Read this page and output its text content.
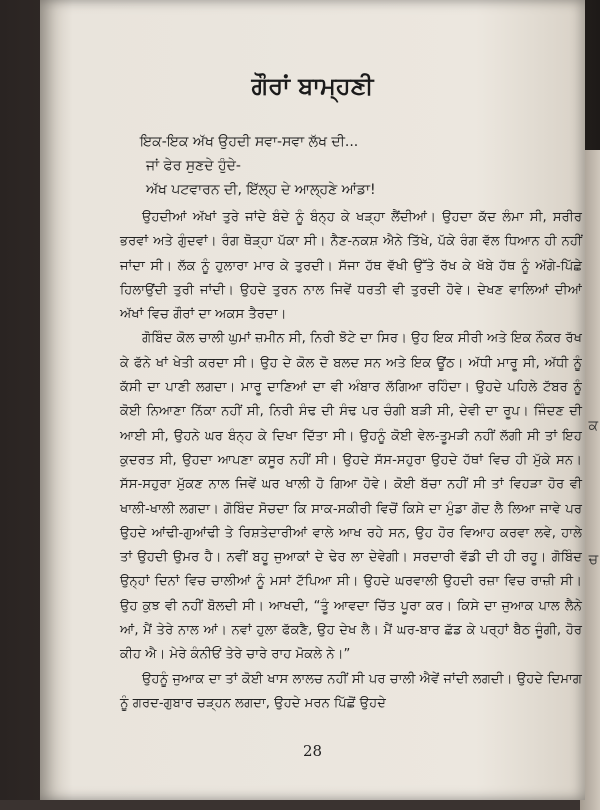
ਕ
ਚ
ਗੌਰਾਂ ਬਾਮ੍ਹਣੀ
ਇਕ-ਇਕ ਅੱਖ ਉਹਦੀ ਸਵਾ-ਸਵਾ ਲੱਖ ਦੀ...
ਜਾਂ ਫੇਰ ਸੁਣਦੇ ਹੁੰਦੇ-
ਅੱਖ ਪਟਵਾਰਨ ਦੀ, ਇੱਲ੍ਹ ਦੇ ਆਲ੍ਹਣੇ ਆਂਡਾ!

ਉਹਦੀਆਂ ਅੱਖਾਂ ਤੁਰੇ ਜਾਂਦੇ ਬੰਦੇ ਨੂੰ ਬੰਨ੍ਹ ਕੇ ਖੜ੍ਹਾ ਲੈਂਦੀਆਂ। ਉਹਦਾ ਕੱਦ ਲੰਮਾ ਸੀ, ਸਰੀਰ ਭਰਵਾਂ ਅਤੇ ਗੁੰਦਵਾਂ। ਰੰਗ ਥੋੜ੍ਹਾ ਪੱਕਾ ਸੀ। ਨੈਣ-ਨਕਸ਼ ਐਨੇ ਤਿੱਖੇ, ਪੱਕੇ ਰੰਗ ਵੱਲ ਧਿਆਨ ਹੀ ਨਹੀਂ ਜਾਂਦਾ ਸੀ। ਲੱਕ ਨੂੰ ਹੁਲਾਰਾ ਮਾਰ ਕੇ ਤੁਰਦੀ। ਸੱਜਾ ਹੱਥ ਵੱਖੀ ਉੱਤੇ ਰੱਖ ਕੇ ਖੱਬੇ ਹੱਥ ਨੂੰ ਅੱਗੇ-ਪਿੱਛੇ ਹਿਲਾਉਂਦੀ ਤੁਰੀ ਜਾਂਦੀ। ਉਹਦੇ ਤੁਰਨ ਨਾਲ ਜਿਵੇਂ ਧਰਤੀ ਵੀ ਤੁਰਦੀ ਹੋਵੇ। ਦੇਖਣ ਵਾਲਿਆਂ ਦੀਆਂ ਅੱਖਾਂ ਵਿਚ ਗੌਰਾਂ ਦਾ ਅਕਸ ਤੈਰਦਾ।

ਗੋਬਿੰਦ ਕੋਲ ਚਾਲੀ ਘੁਮਾਂ ਜ਼ਮੀਨ ਸੀ, ਨਿਰੀ ਝੋਟੇ ਦਾ ਸਿਰ। ਉਹ ਇਕ ਸੀਰੀ ਅਤੇ ਇਕ ਨੌਕਰ ਰੱਖ ਕੇ ਫੱਨੇ ਖਾਂ ਖੇਤੀ ਕਰਦਾ ਸੀ। ਉਹ ਦੇ ਕੋਲ ਦੋ ਬਲਦ ਸਨ ਅਤੇ ਇਕ ਊਂਠ। ਅੱਧੀ ਮਾਰੂ ਸੀ, ਅੱਧੀ ਨੂੰ ਕੱਸੀ ਦਾ ਪਾਣੀ ਲਗਦਾ। ਮਾਰੂ ਦਾਣਿਆਂ ਦਾ ਵੀ ਅੰਬਾਰ ਲੱਗਿਆ ਰਹਿੰਦਾ। ਉਹਦੇ ਪਹਿਲੇ ਟੱਬਰ ਨੂੰ ਕੋਈ ਨਿਆਣਾ ਨਿੱਕਾ ਨਹੀਂ ਸੀ, ਨਿਰੀ ਸੰਢ ਦੀ ਸੰਢ ਪਰ ਚੰਗੀ ਬੜੀ ਸੀ, ਦੇਵੀ ਦਾ ਰੂਪ। ਜਿੰਦਣ ਦੀ ਆਈ ਸੀ, ਉਹਨੇ ਘਰ ਬੰਨ੍ਹ ਕੇ ਦਿਖਾ ਦਿੱਤਾ ਸੀ। ਉਹਨੂੰ ਕੋਈ ਵੇਲ-ਤੂਮੜੀ ਨਹੀਂ ਲੱਗੀ ਸੀ ਤਾਂ ਇਹ ਕੁਦਰਤ ਸੀ, ਉਹਦਾ ਆਪਣਾ ਕਸੂਰ ਨਹੀਂ ਸੀ। ਉਹਦੇ ਸੱਸ-ਸਹੁਰਾ ਉਹਦੇ ਹੱਥਾਂ ਵਿਚ ਹੀ ਮੁੱਕੇ ਸਨ। ਸੱਸ-ਸਹੁਰਾ ਮੁੱਕਣ ਨਾਲ ਜਿਵੇਂ ਘਰ ਖਾਲੀ ਹੋ ਗਿਆ ਹੋਵੇ। ਕੋਈ ਬੱਚਾ ਨਹੀਂ ਸੀ ਤਾਂ ਵਿਹੜਾ ਹੋਰ ਵੀ ਖਾਲੀ-ਖਾਲੀ ਲਗਦਾ। ਗੋਬਿੰਦ ਸੋਚਦਾ ਕਿ ਸਾਕ-ਸਕੀਰੀ ਵਿਚੋਂ ਕਿਸੇ ਦਾ ਮੁੰਡਾ ਗੋਦ ਲੈ ਲਿਆ ਜਾਵੇ ਪਰ ਉਹਦੇ ਆਂਢੀ-ਗੁਆਂਢੀ ਤੇ ਰਿਸ਼ਤੇਦਾਰੀਆਂ ਵਾਲੇ ਆਖ ਰਹੇ ਸਨ, ਉਹ ਹੋਰ ਵਿਆਹ ਕਰਵਾ ਲਵੇ, ਹਾਲੇ ਤਾਂ ਉਹਦੀ ਉਮਰ ਹੈ। ਨਵੀਂ ਬਹੂ ਜੁਆਕਾਂ ਦੇ ਢੇਰ ਲਾ ਦੇਵੇਗੀ। ਸਰਦਾਰੀ ਵੱਡੀ ਦੀ ਹੀ ਰਹੂ। ਗੋਬਿੰਦ ਉਨ੍ਹਾਂ ਦਿਨਾਂ ਵਿਚ ਚਾਲੀਆਂ ਨੂੰ ਮਸਾਂ ਟੱਪਿਆ ਸੀ। ਉਹਦੇ ਘਰਵਾਲੀ ਉਹਦੀ ਰਜ਼ਾ ਵਿਚ ਰਾਜ਼ੀ ਸੀ। ਉਹ ਕੁਝ ਵੀ ਨਹੀਂ ਬੋਲਦੀ ਸੀ। ਆਖਦੀ, “ਤੂੰ ਆਵਦਾ ਚਿੱਤ ਪੂਰਾ ਕਰ। ਕਿਸੇ ਦਾ ਜੁਆਕ ਪਾਲ ਲੈਨੇ ਆਂ, ਮੈਂ ਤੇਰੇ ਨਾਲ ਆਂ। ਨਵਾਂ ਹੁਲਾ ਫੱਕਣੈ, ਉਹ ਦੇਖ ਲੈ। ਮੈਂ ਘਰ-ਬਾਰ ਛੱਡ ਕੇ ਪਰ੍ਹਾਂ ਬੈਠ ਜੂੰਗੀ, ਹੋਰ ਕੀਹ ਐ। ਮੇਰੇ ਕੰਨੀਓਂ ਤੇਰੇ ਚਾਰੇ ਰਾਹ ਮੋਕਲੇ ਨੇ।”

ਉਹਨੂੰ ਜੁਆਕ ਦਾ ਤਾਂ ਕੋਈ ਖਾਸ ਲਾਲਚ ਨਹੀਂ ਸੀ ਪਰ ਚਾਲੀ ਐਵੇਂ ਜਾਂਦੀ ਲਗਦੀ। ਉਹਦੇ ਦਿਮਾਗ ਨੂੰ ਗਰਦ-ਗੁਬਾਰ ਚੜ੍ਹਨ ਲਗਦਾ, ਉਹਦੇ ਮਰਨ ਪਿੱਛੋਂ ਉਹਦੇ

28
